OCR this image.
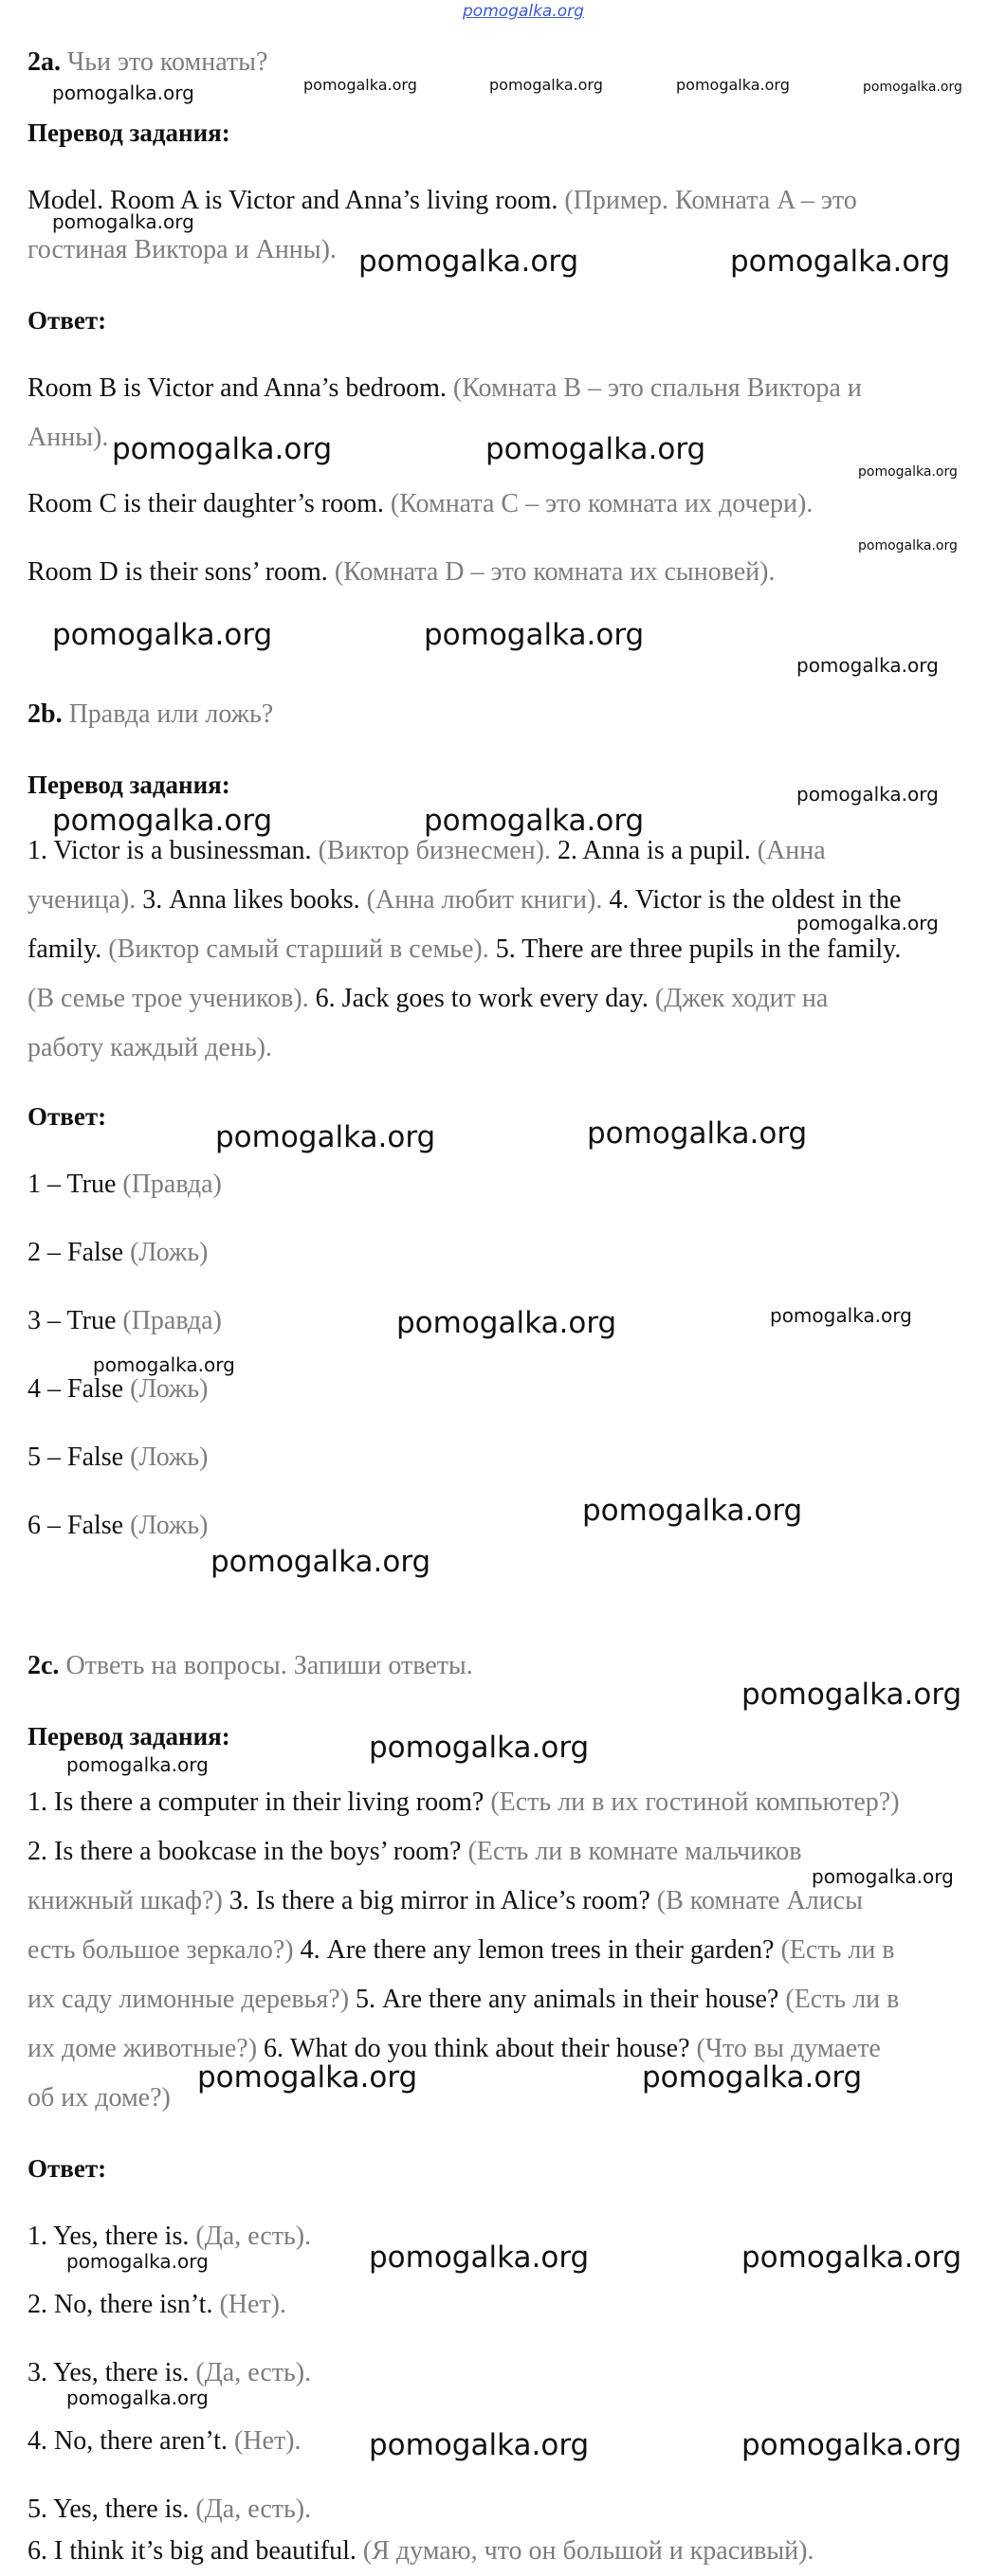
pomogalka.org
2a. Чьи это комнаты?
Перевод задания:
Model. Room A is Victor and Anna’s living room. (Пример. Комната A – это
гостиная Виктора и Анны).
Ответ:
Room B is Victor and Anna’s bedroom. (Комната B – это спальня Виктора и
Анны).
Room C is their daughter’s room. (Комната C – это комната их дочери).
Room D is their sons’ room. (Комната D – это комната их сыновей).
2b. Правда или ложь?
Перевод задания:
1. Victor is a businessman. (Виктор бизнесмен). 2. Anna is a pupil. (Анна
ученица). 3. Anna likes books. (Анна любит книги). 4. Victor is the oldest in the
family. (Виктор самый старший в семье). 5. There are three pupils in the family.
(В семье трое учеников). 6. Jack goes to work every day. (Джек ходит на
работу каждый день).
Ответ:
1 – True (Правда)
2 – False (Ложь)
3 – True (Правда)
4 – False (Ложь)
5 – False (Ложь)
6 – False (Ложь)
2c. Ответь на вопросы. Запиши ответы.
Перевод задания:
1. Is there a computer in their living room? (Есть ли в их гостиной компьютер?)
2. Is there a bookcase in the boys’ room? (Есть ли в комнате мальчиков
книжный шкаф?) 3. Is there a big mirror in Alice’s room? (В комнате Алисы
есть большое зеркало?) 4. Are there any lemon trees in their garden? (Есть ли в
их саду лимонные деревья?) 5. Are there any animals in their house? (Есть ли в
их доме животные?) 6. What do you think about their house? (Что вы думаете
об их доме?)
Ответ:
1. Yes, there is. (Да, есть).
2. No, there isn’t. (Нет).
3. Yes, there is. (Да, есть).
4. No, there aren’t. (Нет).
5. Yes, there is. (Да, есть).
6. I think it’s big and beautiful. (Я думаю, что он большой и красивый).
pomogalka.org	pomogalka.org	pomogalka.org	pomogalka.org	pomogalka.org
pomogalka.org
pomogalka.org	pomogalka.org
pomogalka.org	pomogalka.org
pomogalka.org
pomogalka.org
pomogalka.org	pomogalka.org
pomogalka.org
pomogalka.org
pomogalka.org	pomogalka.org
pomogalka.org
pomogalka.org	pomogalka.org
pomogalka.org	pomogalka.org
pomogalka.org
pomogalka.org
pomogalka.org
pomogalka.org
pomogalka.org
pomogalka.org
pomogalka.org
pomogalka.org	pomogalka.org
pomogalka.org	pomogalka.org	pomogalka.org
pomogalka.org
pomogalka.org	pomogalka.org
